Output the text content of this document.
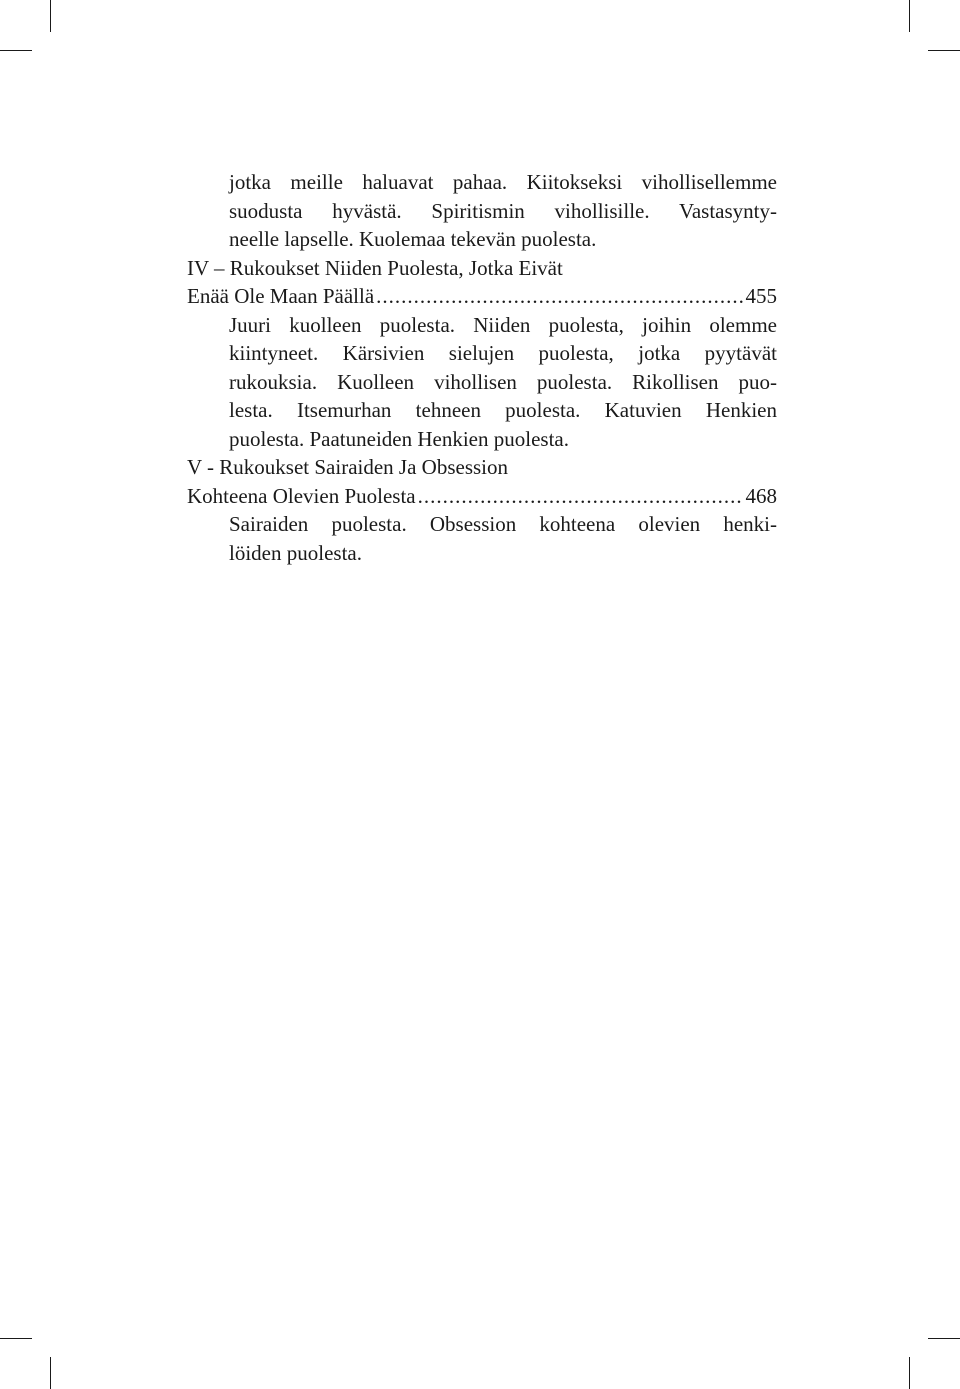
jotka meille haluavat pahaa. Kiitokseksi vihollisellemme
suodusta hyvästä. Spiritismin vihollisille. Vastasynty-
neelle lapselle. Kuolemaa tekevän puolesta.
IV – Rukoukset Niiden Puolesta, Jotka Eivät
Enää Ole Maan Päällä .....	455
Juuri kuolleen puolesta. Niiden puolesta, joihin olemme
kiintyneet. Kärsivien sielujen puolesta, jotka pyytävät
rukouksia. Kuolleen vihollisen puolesta. Rikollisen puo-
lesta. Itsemurhan tehneen puolesta. Katuvien Henkien
puolesta. Paatuneiden Henkien puolesta.
V - Rukoukset Sairaiden Ja Obsession
Kohteena Olevien Puolesta .....	468
Sairaiden puolesta. Obsession kohteena olevien henki-
löiden puolesta.
